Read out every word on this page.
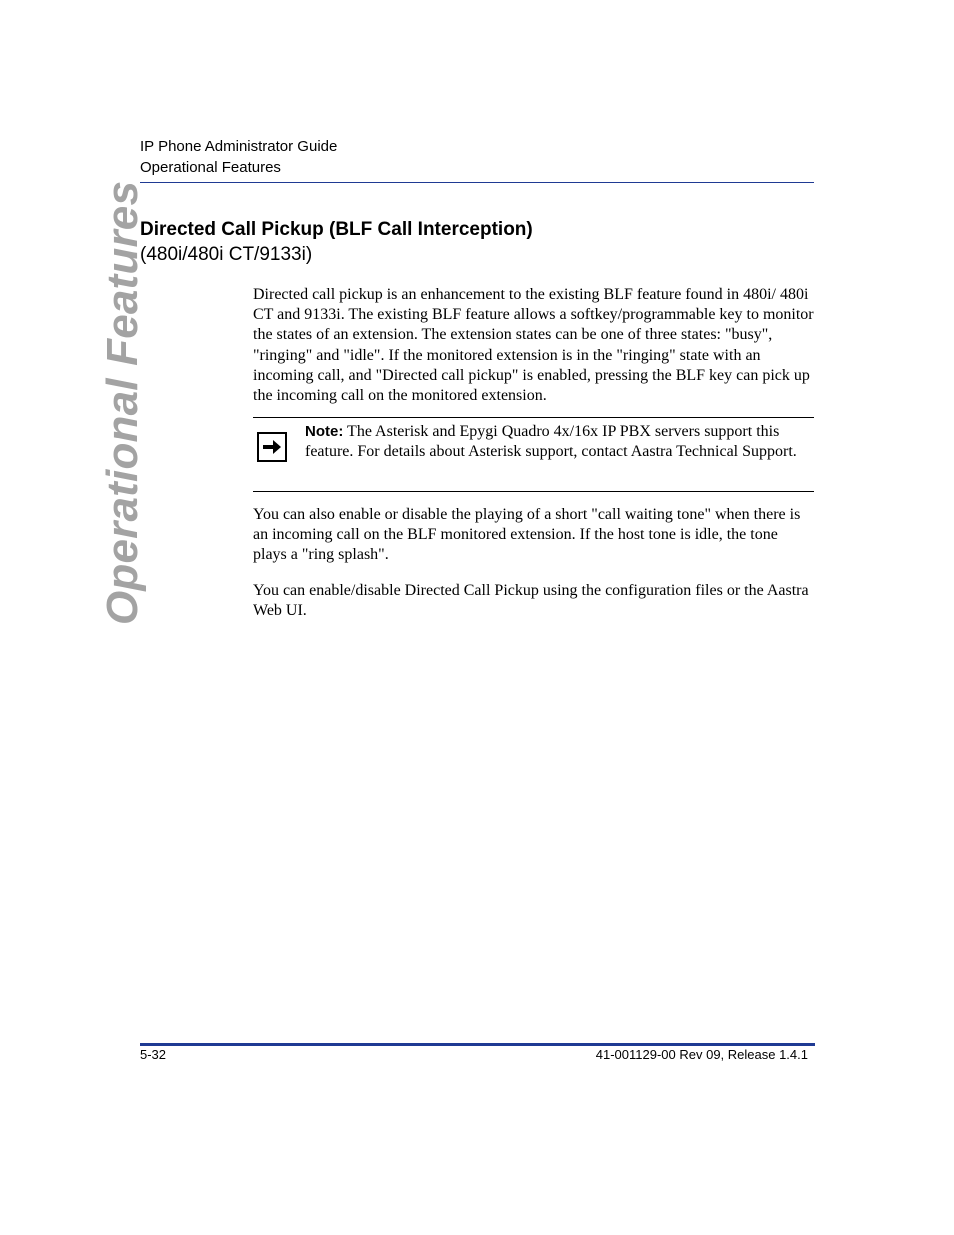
IP Phone Administrator Guide
Operational Features
Operational Features
Directed Call Pickup (BLF Call Interception)
(480i/480i CT/9133i)

Directed call pickup is an enhancement to the existing BLF feature found in 480i/ 480i CT and 9133i. The existing BLF feature allows a softkey/programmable key to monitor the states of an extension. The extension states can be one of three states: "busy", "ringing" and "idle". If the monitored extension is in the "ringing" state with an incoming call, and "Directed call pickup" is enabled, pressing the BLF key can pick up the incoming call on the monitored extension.

Note: The Asterisk and Epygi Quadro 4x/16x IP PBX servers support this feature. For details about Asterisk support, contact Aastra Technical Support.

You can also enable or disable the playing of a short "call waiting tone" when there is an incoming call on the BLF monitored extension. If the host tone is idle, the tone plays a "ring splash".

You can enable/disable Directed Call Pickup using the configuration files or the Aastra Web UI.

5-32	41-001129-00 Rev 09, Release 1.4.1
